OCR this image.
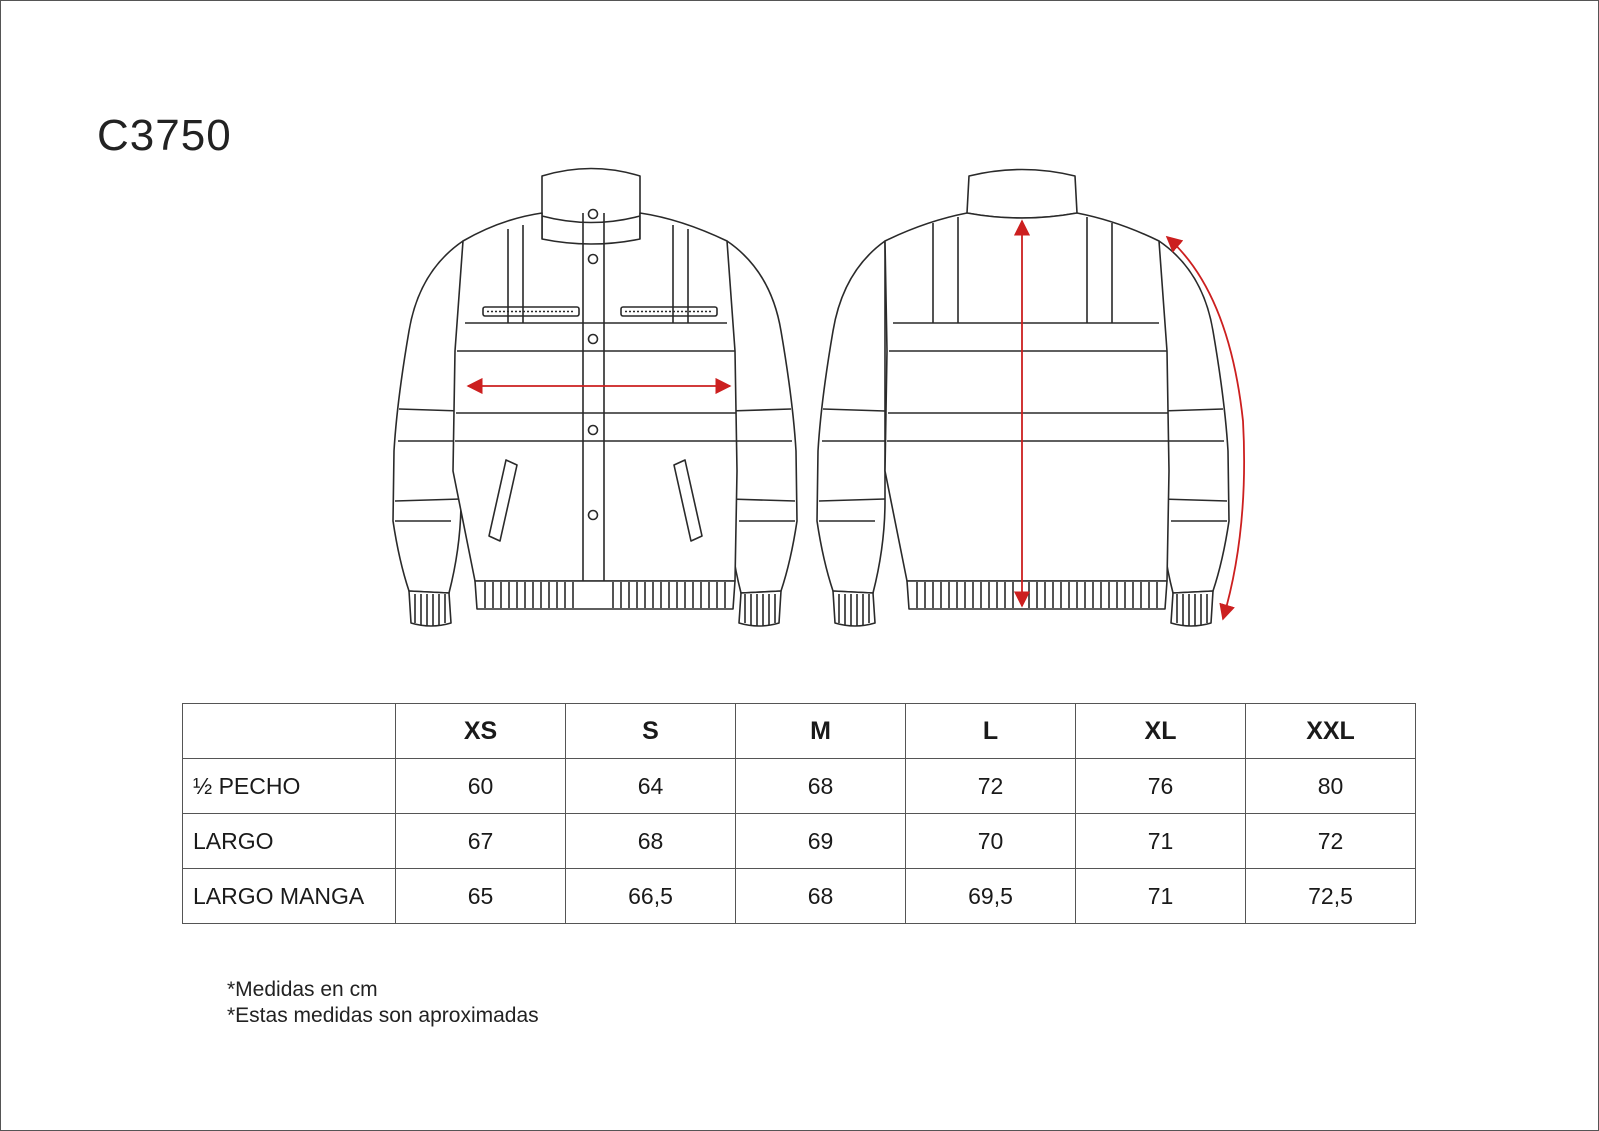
C3750
	XS	S	M	L	XL	XXL
½ PECHO	60	64	68	72	76	80
LARGO	67	68	69	70	71	72
LARGO MANGA	65	66,5	68	69,5	71	72,5
*Medidas en cm
*Estas medidas son aproximadas
